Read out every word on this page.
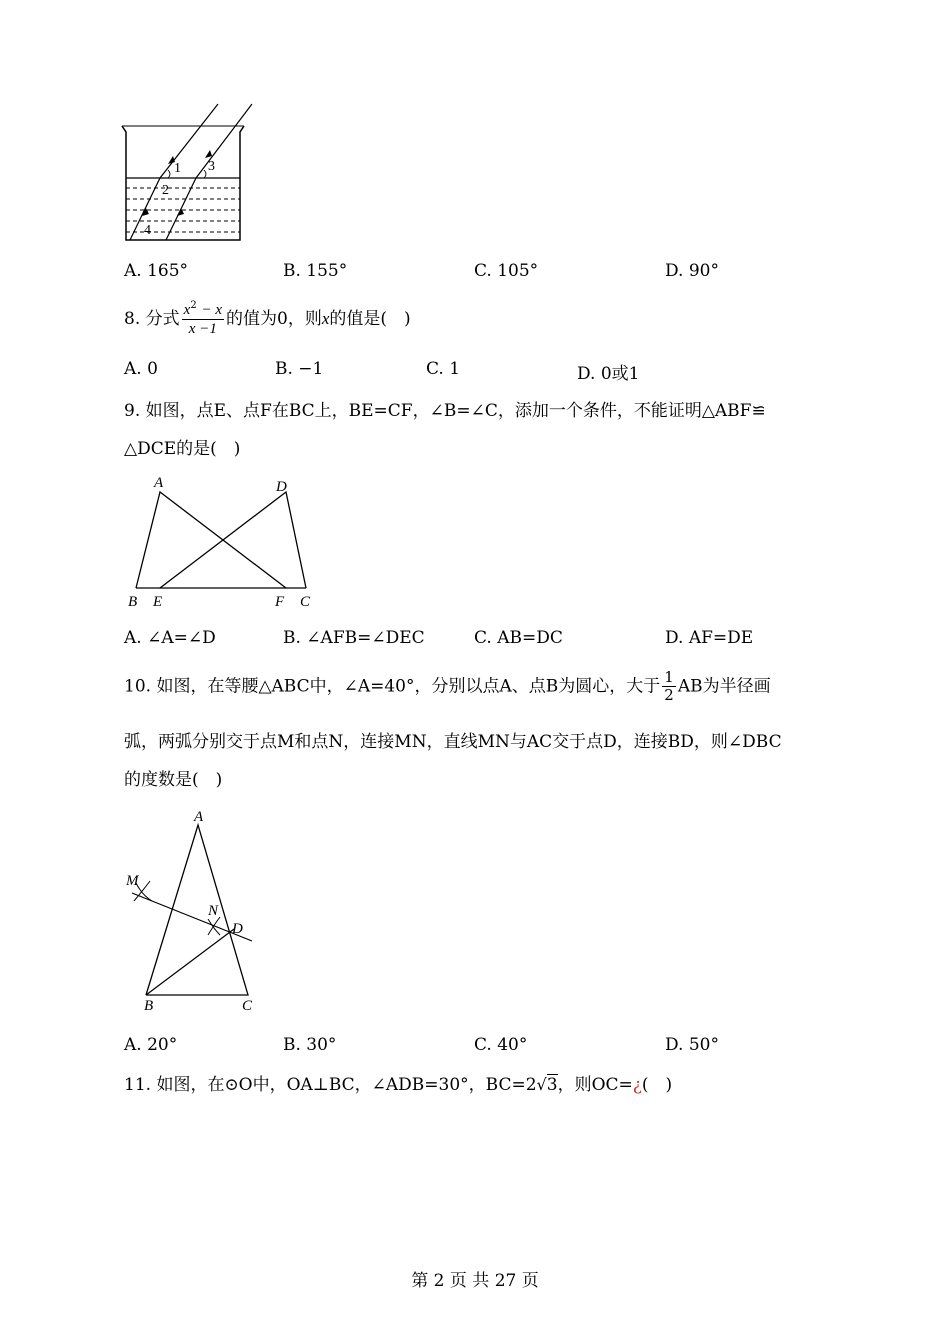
1
2
3
4
A. 165°	B. 155°	C. 105°	D. 90°
8. 分式 $\frac{x^2 - x}{x -1}$ 的值为0，则x的值是(　)
A. 0	B. −1	C. 1	D. 0或1
9. 如图，点E、点F在BC上，BE=CF，∠B=∠C，添加一个条件，不能证明△ABF≌
△DCE的是(　)
A	D
B E	F C
A. ∠A=∠D	B. ∠AFB=∠DEC	C. AB=DC	D. AF=DE
10. 如图，在等腰△ABC中，∠A=40°，分别以点A、点B为圆心，大于 $\frac{1}{2}$ AB为半径画
弧，两弧分别交于点M和点N，连接MN，直线MN与AC交于点D，连接BD，则∠DBC
的度数是(　)
A
M
N
D
B	C
A. 20°	B. 30°	C. 40°	D. 50°
11. 如图，在⊙O中，OA⊥BC，∠ADB=30°，BC=2√3，则OC=¿(　)
第 2 页 共 27 页
